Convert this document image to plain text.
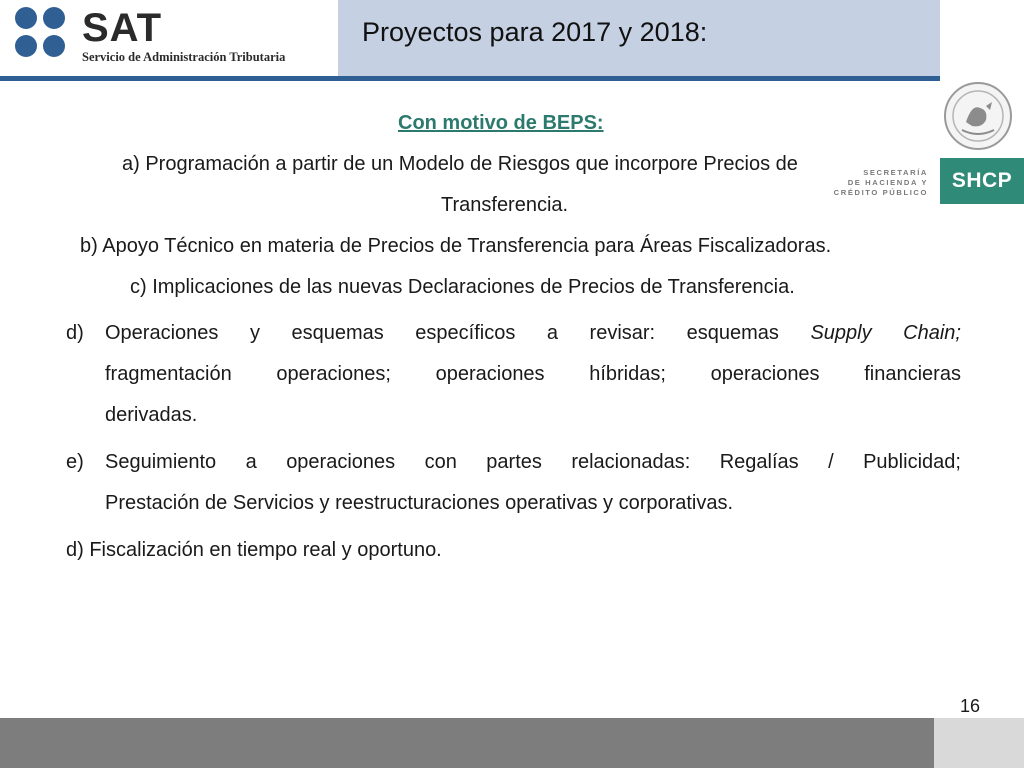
SAT
Servicio de Administración Tributaria
Proyectos para 2017 y 2018:
SECRETARÍA
DE HACIENDA Y
CRÉDITO PÚBLICO
SHCP
Con motivo de BEPS:
a) Programación a partir de un Modelo de Riesgos que incorpore Precios de
Transferencia.
b) Apoyo Técnico en materia de Precios de Transferencia para Áreas Fiscalizadoras.
c) Implicaciones de las nuevas Declaraciones de Precios de Transferencia.
d) Operaciones y esquemas específicos a revisar: esquemas Supply Chain;
fragmentación operaciones; operaciones híbridas; operaciones financieras
derivadas.
e) Seguimiento a operaciones con partes relacionadas: Regalías / Publicidad;
Prestación de Servicios y reestructuraciones operativas y corporativas.
d) Fiscalización en tiempo real y oportuno.
16
